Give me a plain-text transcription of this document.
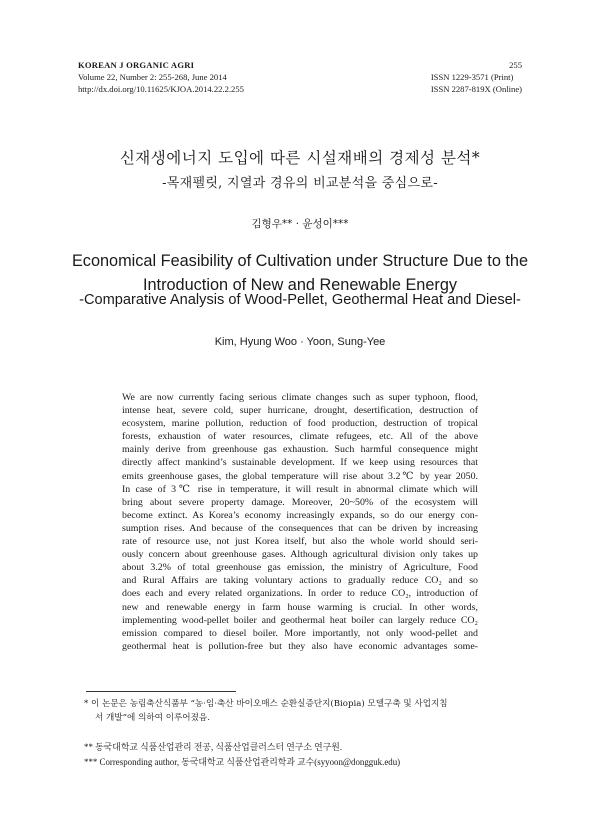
KOREAN J ORGANIC AGRI
Volume 22, Number 2: 255-268, June 2014
http://dx.doi.org/10.11625/KJOA.2014.22.2.255
255
ISSN 1229-3571 (Print)
ISSN 2287-819X (Online)
신재생에너지 도입에 따른 시설재배의 경제성 분석*
-목재펠릿, 지열과 경유의 비교분석을 중심으로-
김형우** · 윤성이***
Economical Feasibility of Cultivation under Structure Due to the
Introduction of New and Renewable Energy
-Comparative Analysis of Wood-Pellet, Geothermal Heat and Diesel-
Kim, Hyung Woo · Yoon, Sung-Yee
We are now currently facing serious climate changes such as super typhoon, flood,
intense heat, severe cold, super hurricane, drought, desertification, destruction of
ecosystem, marine pollution, reduction of food production, destruction of tropical
forests, exhaustion of water resources, climate refugees, etc. All of the above
mainly derive from greenhouse gas exhaustion. Such harmful consequence might
directly affect mankind’s sustainable development. If we keep using resources that
emits greenhouse gases, the global temperature will rise about 3.2℃ by year 2050.
In case of 3℃ rise in temperature, it will result in abnormal climate which will
bring about severe property damage. Moreover, 20~50% of the ecosystem will
become extinct. As Korea’s economy increasingly expands, so do our energy con-
sumption rises. And because of the consequences that can be driven by increasing
rate of resource use, not just Korea itself, but also the whole world should seri-
ously concern about greenhouse gases. Although agricultural division only takes up
about 3.2% of total greenhouse gas emission, the ministry of Agriculture, Food
and Rural Affairs are taking voluntary actions to gradually reduce CO₂ and so
does each and every related organizations. In order to reduce CO₂, introduction of
new and renewable energy in farm house warming is crucial. In other words,
implementing wood-pellet boiler and geothermal heat boiler can largely reduce CO₂
emission compared to diesel boiler. More importantly, not only wood-pellet and
geothermal heat is pollution-free but they also have economic advantages some-
* 이 논문은 농림축산식품부 “농·임·축산 바이오매스 순환실증단지(Biopia) 모델구축 및 사업지침
서 개발”에 의하여 이루어졌음.
** 동국대학교 식품산업관리 전공, 식품산업클러스터 연구소 연구원.
*** Corresponding author, 동국대학교 식품산업관리학과 교수(syyoon@dongguk.edu)
